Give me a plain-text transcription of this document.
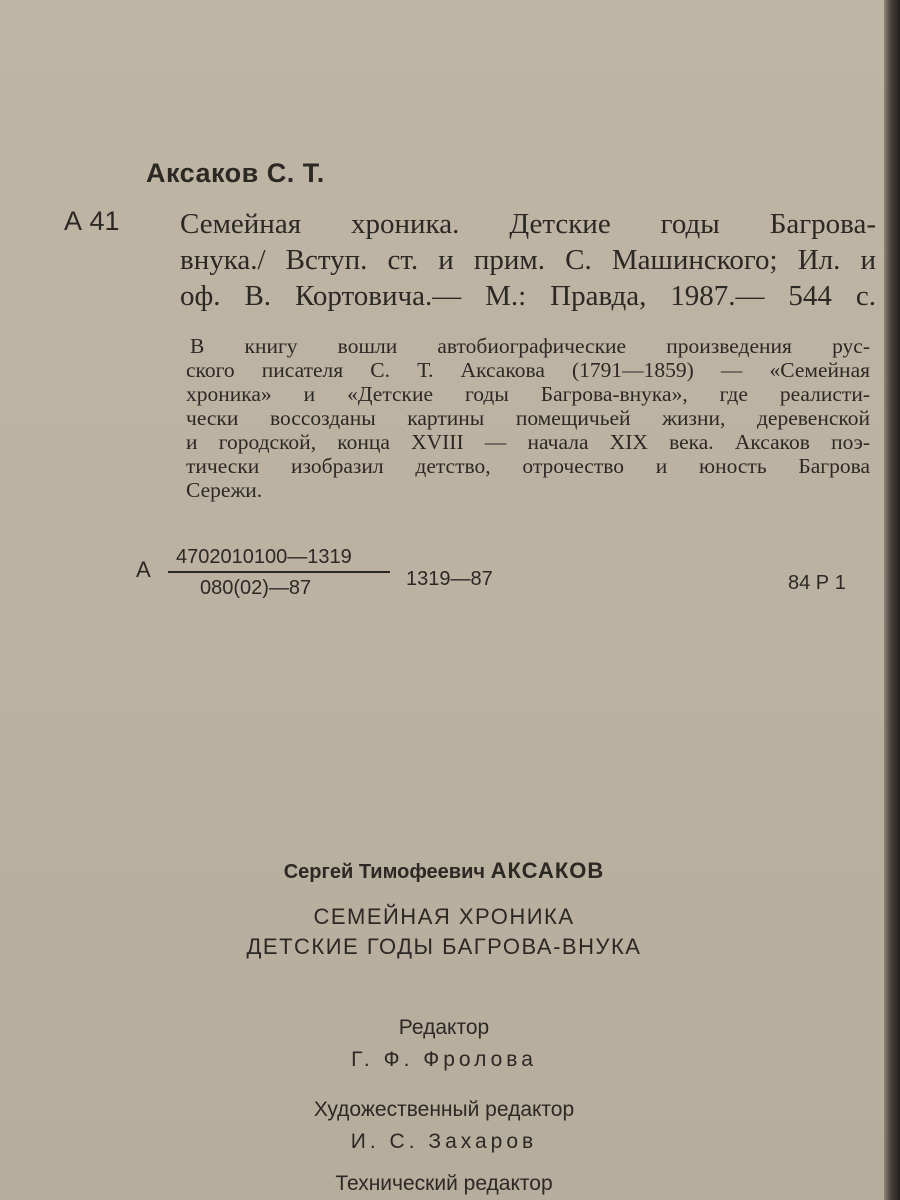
Аксаков С. Т.
А 41 Семейная хроника. Детские годы Багрова-
внука./ Вступ. ст. и прим. С. Машинского; Ил. и
оф. В. Кортовича.— М.: Правда, 1987.— 544 с.
В книгу вошли автобиографические произведения рус-
ского писателя С. Т. Аксакова (1791—1859) — «Семейная
хроника» и «Детские годы Багрова-внука», где реалисти-
чески воссозданы картины помещичьей жизни, деревенской
и городской, конца XVIII — начала XIX века. Аксаков поэ-
тически изобразил детство, отрочество и юность Багрова
Сережи.
А 4702010100—1319
080(02)—87	1319—87	84 Р 1
Сергей Тимофеевич АКСАКОВ
СЕМЕЙНАЯ ХРОНИКА
ДЕТСКИЕ ГОДЫ БАГРОВА-ВНУКА
Редактор
Г. Ф. Фролова
Художественный редактор
И. С. Захаров
Технический редактор
